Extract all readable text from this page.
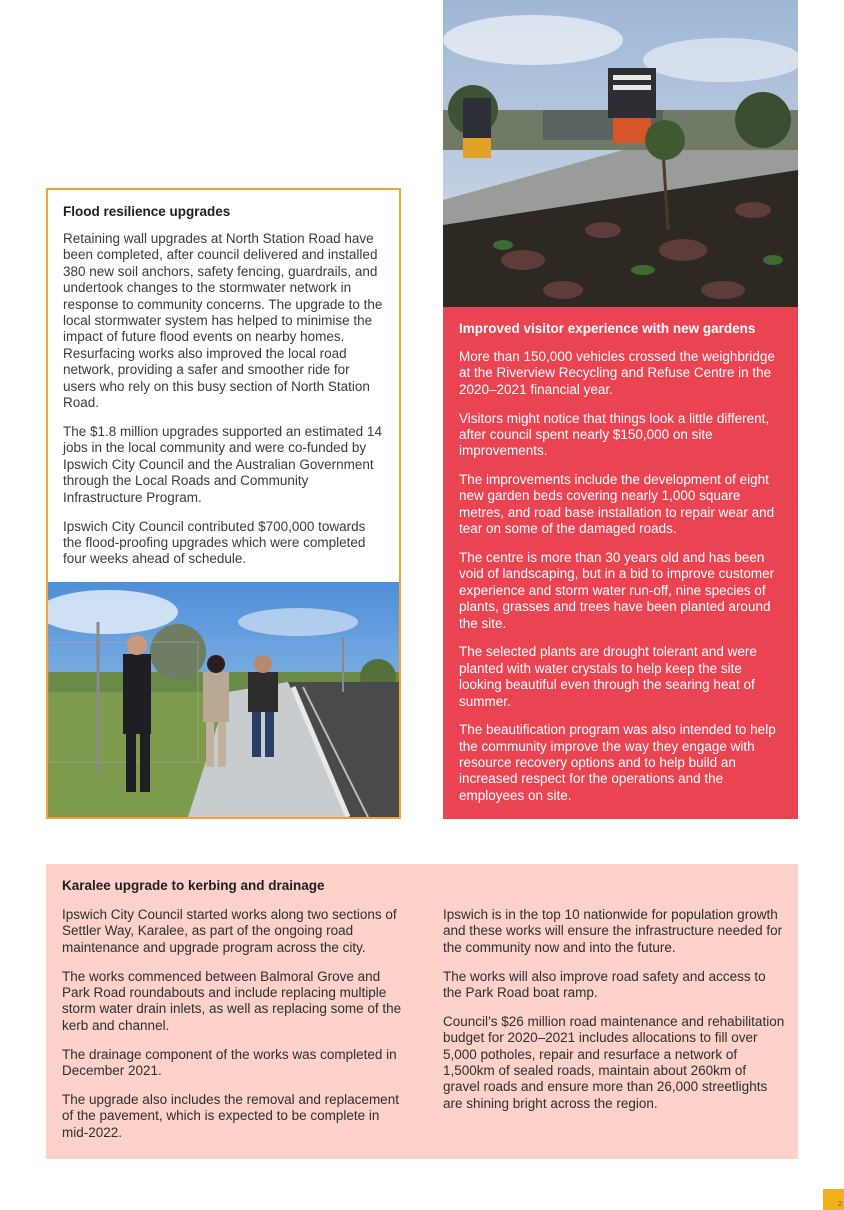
Flood resilience upgrades

Retaining wall upgrades at North Station Road have been completed, after council delivered and installed 380 new soil anchors, safety fencing, guardrails, and undertook changes to the stormwater network in response to community concerns. The upgrade to the local stormwater system has helped to minimise the impact of future flood events on nearby homes. Resurfacing works also improved the local road network, providing a safer and smoother ride for users who rely on this busy section of North Station Road.

The $1.8 million upgrades supported an estimated 14 jobs in the local community and were co-funded by Ipswich City Council and the Australian Government through the Local Roads and Community Infrastructure Program.

Ipswich City Council contributed $700,000 towards the flood-proofing upgrades which were completed four weeks ahead of schedule.

Improved visitor experience with new gardens

More than 150,000 vehicles crossed the weighbridge at the Riverview Recycling and Refuse Centre in the 2020–2021 financial year.

Visitors might notice that things look a little different, after council spent nearly $150,000 on site improvements.

The improvements include the development of eight new garden beds covering nearly 1,000 square metres, and road base installation to repair wear and tear on some of the damaged roads.

The centre is more than 30 years old and has been void of landscaping, but in a bid to improve customer experience and storm water run-off, nine species of plants, grasses and trees have been planted around the site.

The selected plants are drought tolerant and were planted with water crystals to help keep the site looking beautiful even through the searing heat of summer.

The beautification program was also intended to help the community improve the way they engage with resource recovery options and to help build an increased respect for the operations and the employees on site.

Karalee upgrade to kerbing and drainage

Ipswich City Council started works along two sections of Settler Way, Karalee, as part of the ongoing road maintenance and upgrade program across the city.

The works commenced between Balmoral Grove and Park Road roundabouts and include replacing multiple storm water drain inlets, as well as replacing some of the kerb and channel.

The drainage component of the works was completed in December 2021.

The upgrade also includes the removal and replacement of the pavement, which is expected to be complete in mid-2022.

Ipswich is in the top 10 nationwide for population growth and these works will ensure the infrastructure needed for the community now and into the future.

The works will also improve road safety and access to the Park Road boat ramp.

Council’s $26 million road maintenance and rehabilitation budget for 2020–2021 includes allocations to fill over 5,000 potholes, repair and resurface a network of 1,500km of sealed roads, maintain about 260km of gravel roads and ensure more than 26,000 streetlights are shining bright across the region.

2
